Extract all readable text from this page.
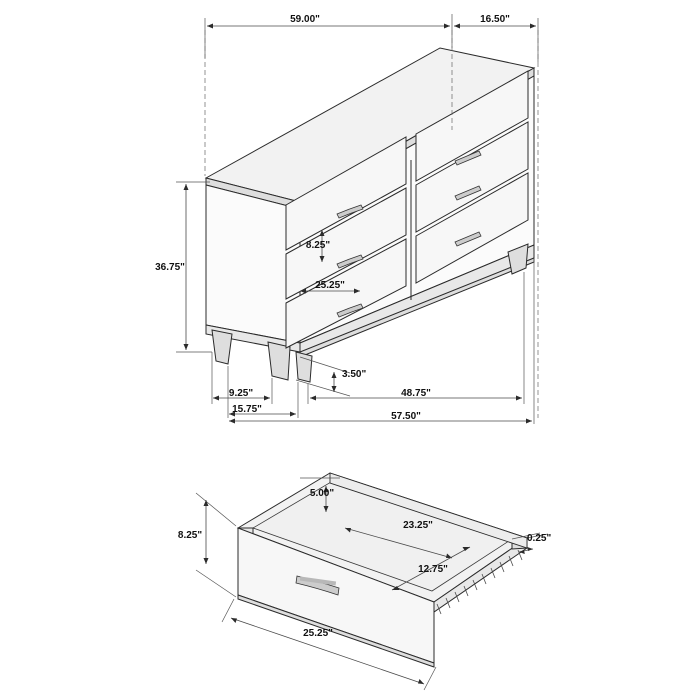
59.00"	16.50"
36.75"
8.25"
25.25"
3.50"
9.25"
15.75"
48.75"
57.50"
5.00"
23.25"
0.25"
12.75"
8.25"
25.25"
